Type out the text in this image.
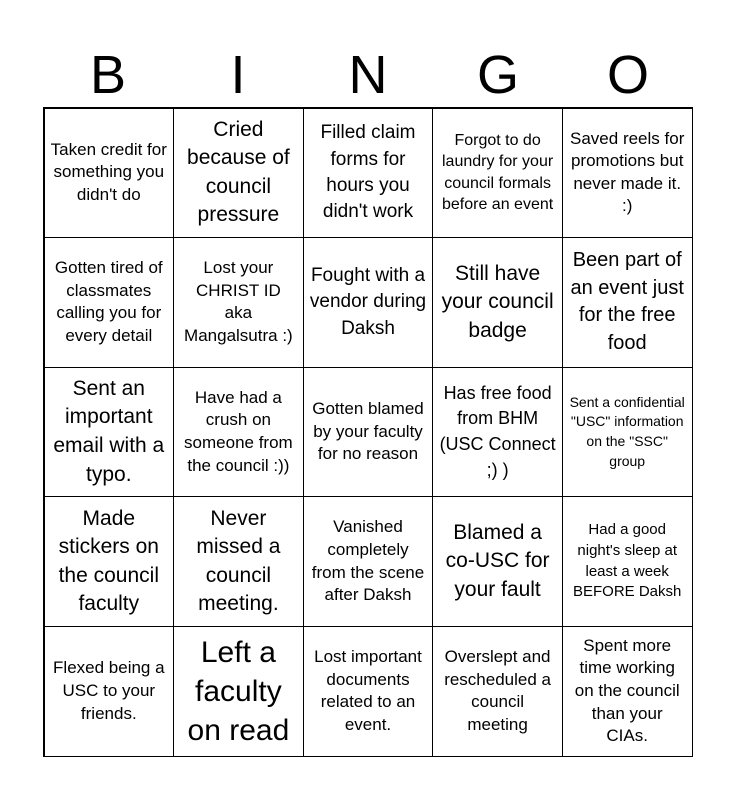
B	I	N	G	O
Taken credit for something you didn't do
Cried because of council pressure
Filled claim forms for hours you didn't work
Forgot to do laundry for your council formals before an event
Saved reels for promotions but never made it. :)
Gotten tired of classmates calling you for every detail
Lost your CHRIST ID aka Mangalsutra :)
Fought with a vendor during Daksh
Still have your council badge
Been part of an event just for the free food
Sent an important email with a typo.
Have had a crush on someone from the council :))
Gotten blamed by your faculty for no reason
Has free food from BHM (USC Connect ;) )
Sent a confidential "USC" information on the "SSC" group
Made stickers on the council faculty
Never missed a council meeting.
Vanished completely from the scene after Daksh
Blamed a co-USC for your fault
Had a good night's sleep at least a week BEFORE Daksh
Flexed being a USC to your friends.
Left a faculty on read
Lost important documents related to an event.
Overslept and rescheduled a council meeting
Spent more time working on the council than your CIAs.
